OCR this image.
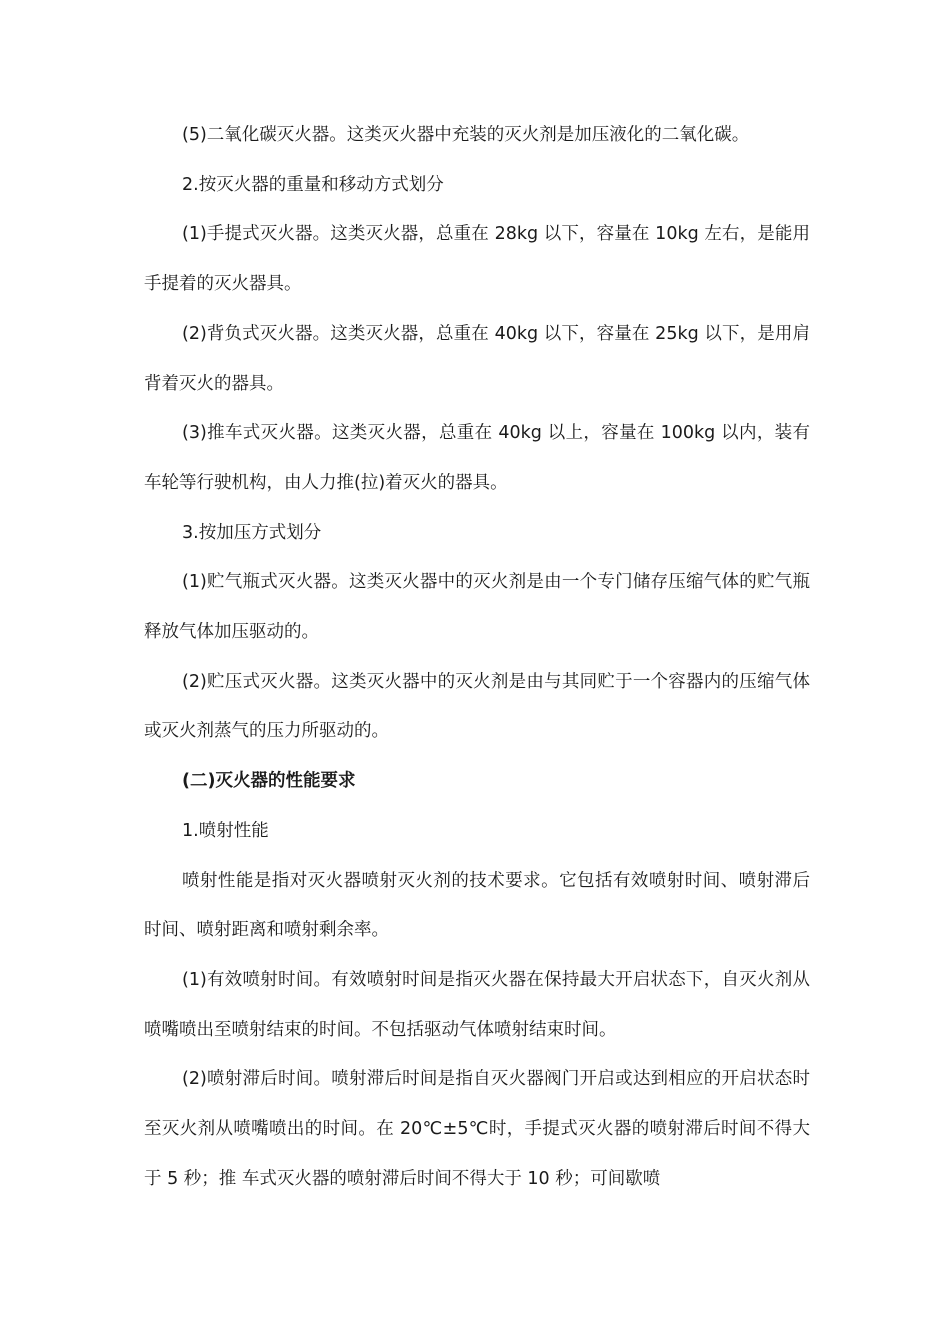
(5)二氧化碳灭火器。这类灭火器中充装的灭火剂是加压液化的二氧化碳。

2.按灭火器的重量和移动方式划分

(1)手提式灭火器。这类灭火器，总重在 28kg 以下，容量在 10kg 左右，是能用手提着的灭火器具。

(2)背负式灭火器。这类灭火器，总重在 40kg 以下，容量在 25kg 以下，是用肩背着灭火的器具。

(3)推车式灭火器。这类灭火器，总重在 40kg 以上，容量在 100kg 以内，装有车轮等行驶机构，由人力推(拉)着灭火的器具。

3.按加压方式划分

(1)贮气瓶式灭火器。这类灭火器中的灭火剂是由一个专门储存压缩气体的贮气瓶释放气体加压驱动的。

(2)贮压式灭火器。这类灭火器中的灭火剂是由与其同贮于一个容器内的压缩气体或灭火剂蒸气的压力所驱动的。

(二)灭火器的性能要求

1.喷射性能

喷射性能是指对灭火器喷射灭火剂的技术要求。它包括有效喷射时间、喷射滞后时间、喷射距离和喷射剩余率。

(1)有效喷射时间。有效喷射时间是指灭火器在保持最大开启状态下，自灭火剂从喷嘴喷出至喷射结束的时间。不包括驱动气体喷射结束时间。

(2)喷射滞后时间。喷射滞后时间是指自灭火器阀门开启或达到相应的开启状态时至灭火剂从喷嘴喷出的时间。在 20℃±5℃时，手提式灭火器的喷射滞后时间不得大于 5 秒；推 车式灭火器的喷射滞后时间不得大于 10 秒；可间歇喷
